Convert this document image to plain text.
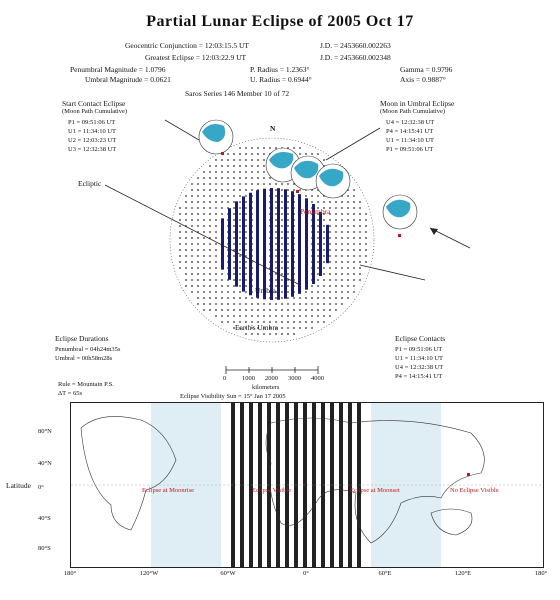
Partial Lunar Eclipse of 2005 Oct 17
Geocentric Conjunction = 12:03:15.5 UT	J.D. = 2453660.002263
Greatest Eclipse = 12:03:22.9 UT	J.D. = 2453660.002348
Penumbral Magnitude = 1.0796	P. Radius = 1.2363°	Gamma = 0.9796
Umbral Magnitude = 0.0621	U. Radius = 0.6944°	Axis = 0.9887°
Saros Series 146 Member 10 of 72
Start Contact Eclipse
(Moon Path Cumulative)
P1 = 09:51:06 UT
U1 = 11:34:10 UT
U2 = 12:03:23 UT
U3 = 12:32:38 UT
Moon in Umbral Eclipse
(Moon Path Cumulative)
U4 = 12:32:38 UT
P4 = 14:15:41 UT
U1 = 11:34:10 UT
P1 = 09:51:06 UT
N
Ecliptic
Penumbra
Umbra
Earth's Umbra
Eclipse Durations
Penumbral = 04h24m35s
Umbral = 00h58m28s
Eclipse Contacts
P1 = 09:51:06 UT
U1 = 11:34:10 UT
U4 = 12:32:38 UT
P4 = 14:15:41 UT
0 1000 2000 3000 4000
kilometers
Rule = Mountain P.S.
ΔT = 65s	Eclipse Visibility Sun = 15° Jan 17 2005
Latitude
80°N
40°N
0°
40°S
80°S
180°	120°W	60°W	0°	60°E	120°E	180°
Eclipse at Moonrise	Eclipse Visible	Eclipse at Moonset	No Eclipse Visible
